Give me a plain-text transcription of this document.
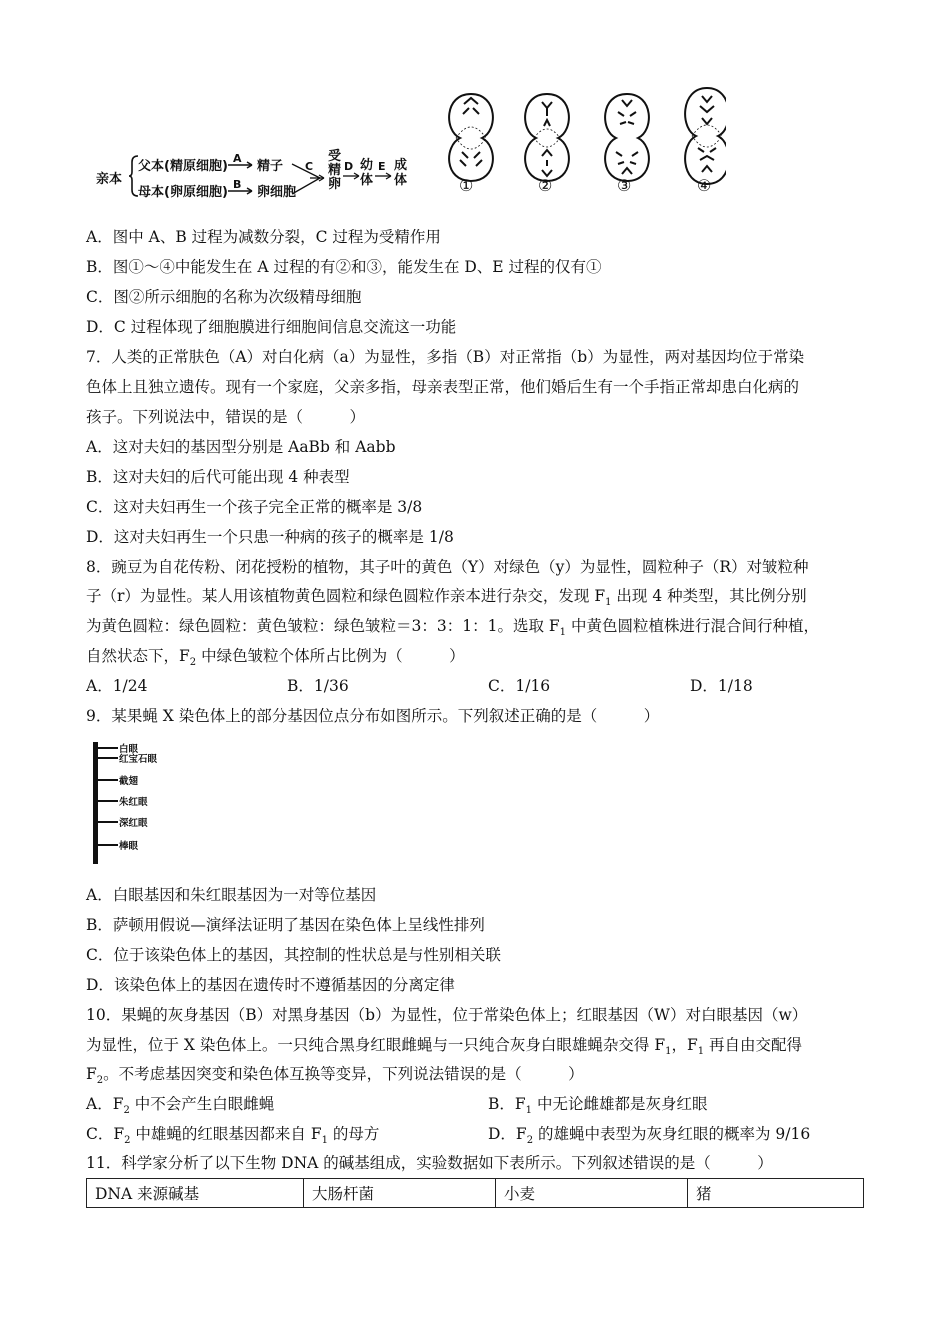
亲本
父本(精原细胞)
母本(卵原细胞)
A
B
精子
卵细胞
C
受
精
卵
D 幼
体
E 成
体	①	②	③	④
A．图中 A、B 过程为减数分裂，C 过程为受精作用
B．图①～④中能发生在 A 过程的有②和③，能发生在 D、E 过程的仅有①
C．图②所示细胞的名称为次级精母细胞
D．C 过程体现了细胞膜进行细胞间信息交流这一功能
7．人类的正常肤色（A）对白化病（a）为显性，多指（B）对正常指（b）为显性，两对基因均位于常染
色体上且独立遗传。现有一个家庭，父亲多指，母亲表型正常，他们婚后生有一个手指正常却患白化病的
孩子。下列说法中，错误的是（　　　）
A．这对夫妇的基因型分别是 AaBb 和 Aabb
B．这对夫妇的后代可能出现 4 种表型
C．这对夫妇再生一个孩子完全正常的概率是 3/8
D．这对夫妇再生一个只患一种病的孩子的概率是 1/8
8．豌豆为自花传粉、闭花授粉的植物，其子叶的黄色（Y）对绿色（y）为显性，圆粒种子（R）对皱粒种
子（r）为显性。某人用该植物黄色圆粒和绿色圆粒作亲本进行杂交，发现 $F_1$ 出现 4 种类型，其比例分别
为黄色圆粒：绿色圆粒：黄色皱粒：绿色皱粒＝3：3：1：1。选取 $F_1$ 中黄色圆粒植株进行混合间行种植，
自然状态下，$F_2$ 中绿色皱粒个体所占比例为（　　　）
A．1/24	B．1/36	C．1/16	D．1/18
9．某果蝇 X 染色体上的部分基因位点分布如图所示。下列叙述正确的是（　　　）
白眼
红宝石眼
截翅
朱红眼
深红眼
棒眼
A．白眼基因和朱红眼基因为一对等位基因
B．萨顿用假说—演绎法证明了基因在染色体上呈线性排列
C．位于该染色体上的基因，其控制的性状总是与性别相关联
D．该染色体上的基因在遗传时不遵循基因的分离定律
10．果蝇的灰身基因（B）对黑身基因（b）为显性，位于常染色体上；红眼基因（W）对白眼基因（w）
为显性，位于 X 染色体上。一只纯合黑身红眼雌蝇与一只纯合灰身白眼雄蝇杂交得 $F_1$，$F_1$ 再自由交配得
$F_2$。不考虑基因突变和染色体互换等变异，下列说法错误的是（　　　）
A．$F_2$ 中不会产生白眼雌蝇	B．$F_1$ 中无论雌雄都是灰身红眼
C．$F_2$ 中雄蝇的红眼基因都来自 $F_1$ 的母方	D．$F_2$ 的雄蝇中表型为灰身红眼的概率为 9/16
11．科学家分析了以下生物 DNA 的碱基组成，实验数据如下表所示。下列叙述错误的是（　　　）
DNA 来源碱基	大肠杆菌	小麦	猪
